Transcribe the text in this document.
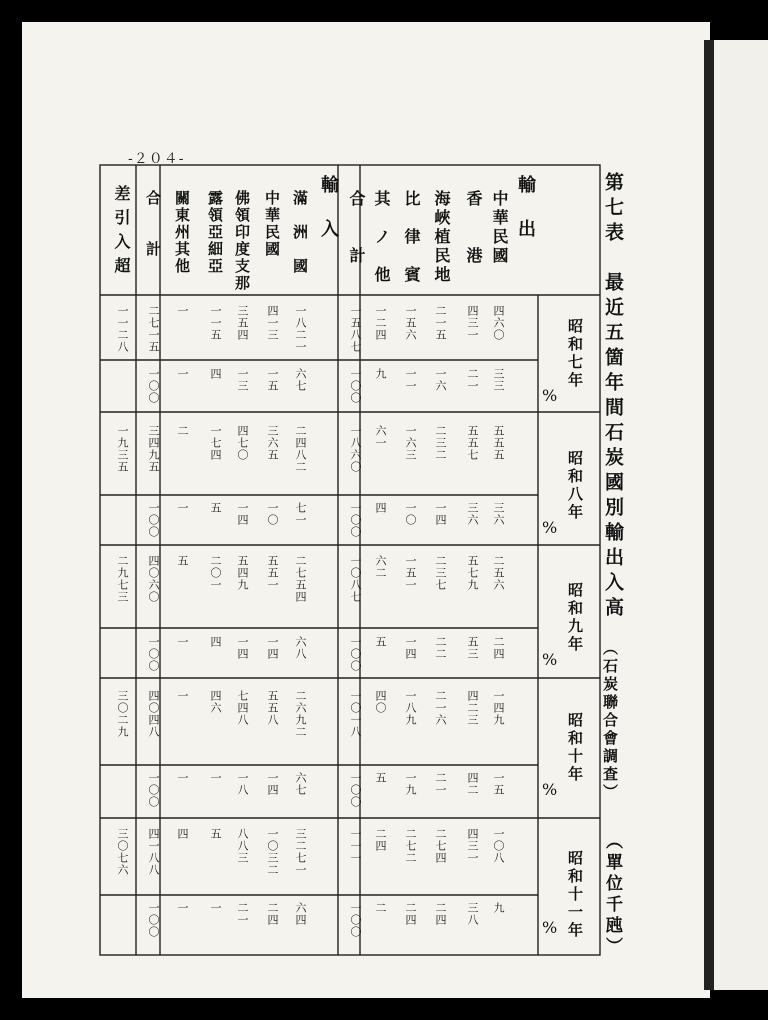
-２０４-
第七表　最近五箇年間石炭國別輸出入高
（石炭聯合會調査）
（單位千瓲）
輸　出
輸　入	中華民國
香　　港
海峽植民地
比　律　賓
其　ノ　他
合　　計
滿　洲　國
中華民國
佛領印度支那
露領亞細亞
關東州其他
合　　計
差引入超
昭和七年
%
昭和八年
%
昭和九年
%
昭和十年
%
昭和十一年
%
四六〇
四三一
二一五
一五六
一二四
一五八七
三三
二一
一六
一一
九
一〇〇
五五五
五五七
二三二
一六三
六一
一八六〇
三六
三六
一四
一〇
四
一〇〇
二五六
五七九
二三七
一五一
六二
一〇八七
二四
五三
二二
一四
五
一〇〇
一四九
四二三
二一六
一八九
四〇
一〇一八
一五
四二
二一
一九
五
一〇〇
一〇八
四三一
二七四
二七二
二四
一一一
九
三八
二四
二四
二
一〇〇
一八二一
四一三
三五四
一一五
一
二七一五
六七
一五
一三
四
一
一〇〇
二四八二
三六五
四七〇
一七四
二
三四九五
七一
一〇
一四
五
一
一〇〇
二七五四
五五一
五四九
二〇一
五
四〇六〇
六八
一四
一四
四
一
一〇〇
二六九二
五五八
七四八
四六
一
四〇四八
六七
一四
一八
一
一
一〇〇
三二七一
一〇三二
八八三
五
四
四一八八
六四
二四
二一
一
一
一〇〇
一一二八
一九三五
二九七三
三〇二九
三〇七六
